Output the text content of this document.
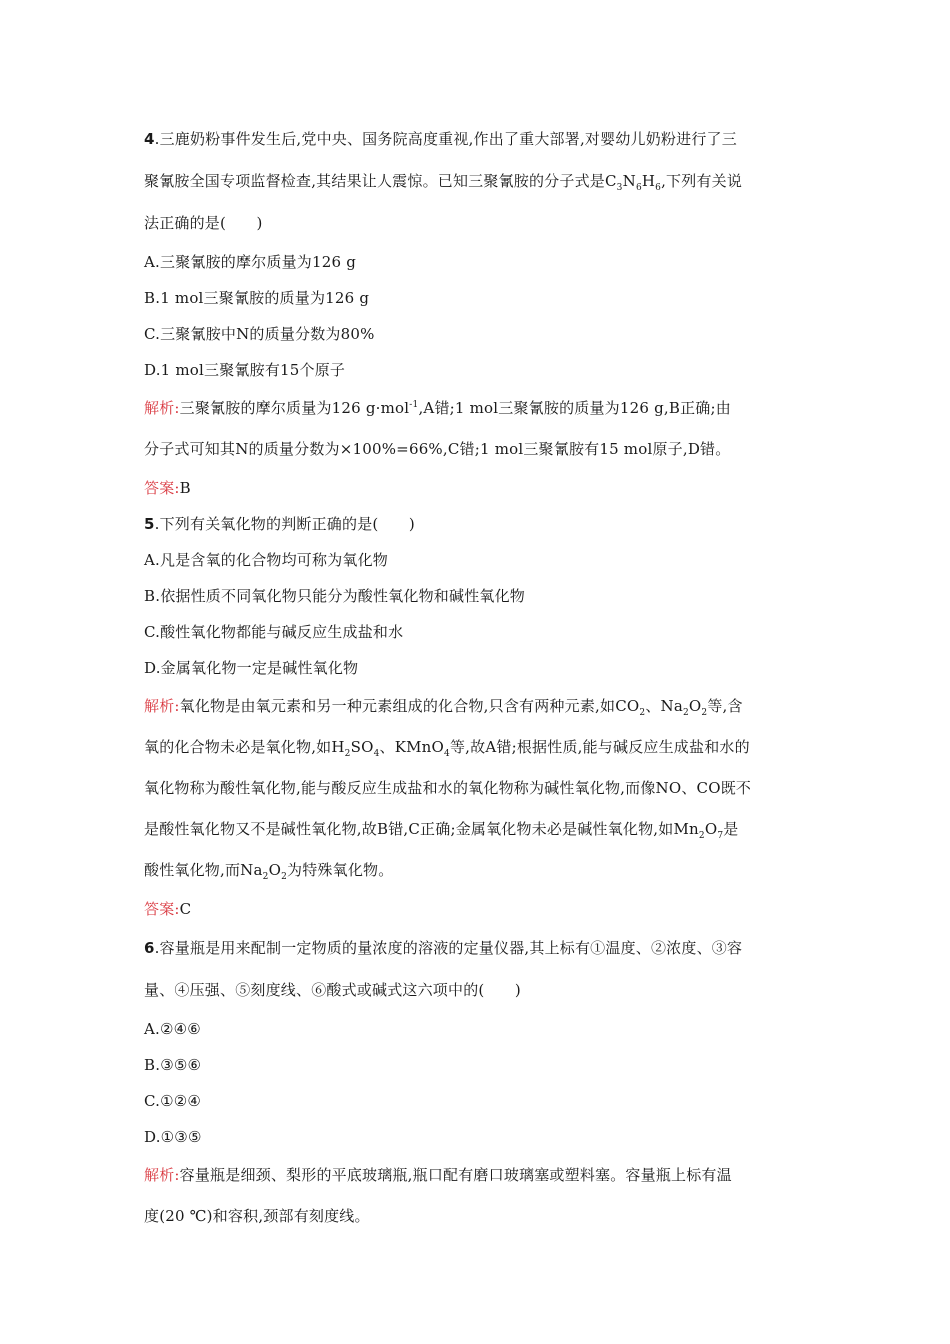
4.三鹿奶粉事件发生后,党中央、国务院高度重视,作出了重大部署,对婴幼儿奶粉进行了三
聚氰胺全国专项监督检查,其结果让人震惊。已知三聚氰胺的分子式是$C_3N_6H_6$,下列有关说
法正确的是(　　)
A.三聚氰胺的摩尔质量为126 g
B.1 mol三聚氰胺的质量为126 g
C.三聚氰胺中N的质量分数为80%
D.1 mol三聚氰胺有15个原子
解析:三聚氰胺的摩尔质量为126 g·mol$^{-1}$,A错;1 mol三聚氰胺的质量为126 g,B正确;由
分子式可知其N的质量分数为×100%=66%,C错;1 mol三聚氰胺有15 mol原子,D错。
答案:B
5.下列有关氧化物的判断正确的是(　　)
A.凡是含氧的化合物均可称为氧化物
B.依据性质不同氧化物只能分为酸性氧化物和碱性氧化物
C.酸性氧化物都能与碱反应生成盐和水
D.金属氧化物一定是碱性氧化物
解析:氧化物是由氧元素和另一种元素组成的化合物,只含有两种元素,如$CO_2$、$Na_2O_2$等,含
氧的化合物未必是氧化物,如$H_2SO_4$、KMnO$_4$等,故A错;根据性质,能与碱反应生成盐和水的
氧化物称为酸性氧化物,能与酸反应生成盐和水的氧化物称为碱性氧化物,而像NO、CO既不
是酸性氧化物又不是碱性氧化物,故B错,C正确;金属氧化物未必是碱性氧化物,如$Mn_2O_7$是
酸性氧化物,而$Na_2O_2$为特殊氧化物。
答案:C
6.容量瓶是用来配制一定物质的量浓度的溶液的定量仪器,其上标有①温度、②浓度、③容
量、④压强、⑤刻度线、⑥酸式或碱式这六项中的(　　)
A.②④⑥
B.③⑤⑥
C.①②④
D.①③⑤
解析:容量瓶是细颈、梨形的平底玻璃瓶,瓶口配有磨口玻璃塞或塑料塞。容量瓶上标有温
度(20 ℃)和容积,颈部有刻度线。
